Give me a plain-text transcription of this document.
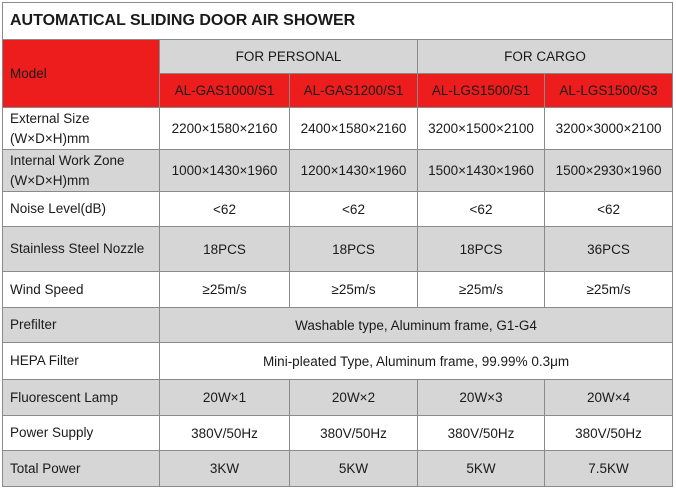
AUTOMATICAL SLIDING DOOR AIR SHOWER				
Model	FOR PERSONAL		FOR CARGO	
	AL-GAS1000/S1	AL-GAS1200/S1	AL-LGS1500/S1	AL-LGS1500/S3
External Size
(W×D×H)mm	2200×1580×2160	2400×1580×2160	3200×1500×2100	3200×3000×2100
Internal Work Zone
(W×D×H)mm	1000×1430×1960	1200×1430×1960	1500×1430×1960	1500×2930×1960
Noise Level(dB)	<62	<62	<62	<62
Stainless Steel Nozzle	18PCS	18PCS	18PCS	36PCS
Wind Speed	≥25m/s	≥25m/s	≥25m/s	≥25m/s
Prefilter	Washable type, Aluminum frame, G1-G4			
HEPA Filter	Mini-pleated Type, Aluminum frame, 99.99% 0.3μm			
Fluorescent Lamp	20W×1	20W×2	20W×3	20W×4
Power Supply	380V/50Hz	380V/50Hz	380V/50Hz	380V/50Hz
Total Power	3KW	5KW	5KW	7.5KW
